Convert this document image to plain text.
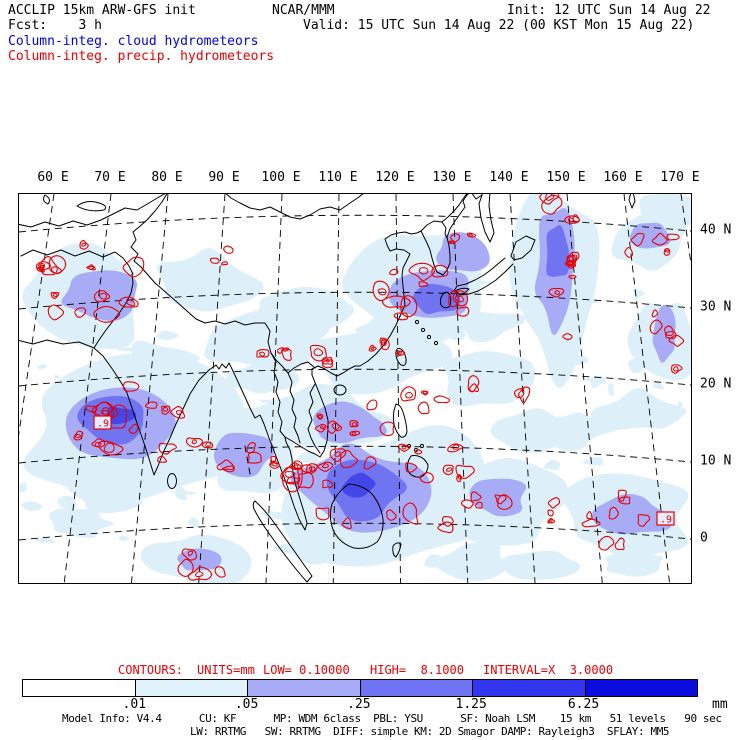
ACCLIP 15km ARW-GFS init	NCAR/MMM	Init: 12 UTC Sun 14 Aug 22
Fcst:    3 h	Valid: 15 UTC Sun 14 Aug 22 (00 KST Mon 15 Aug 22)
Column-integ. cloud hydrometeors
Column-integ. precip. hydrometeors
60 E 70 E 80 E 90 E 100 E 110 E 120 E 130 E 140 E 150 E 160 E 170 E
.9
.9
40 N
30 N
20 N
10 N
0
CONTOURS: UNITS=mm LOW= 0.10000 HIGH=  8.1000 INTERVAL=X  3.0000
.01	.05	.25	1.25	6.25	mm
Model Info: V4.4      CU: KF      MP: WDM 6class  PBL: YSU      SF: Noah LSM    15 km   51 levels   90 sec
LW: RRTMG   SW: RRTMG  DIFF: simple KM: 2D Smagor DAMP: Rayleigh3  SFLAY: MM5
